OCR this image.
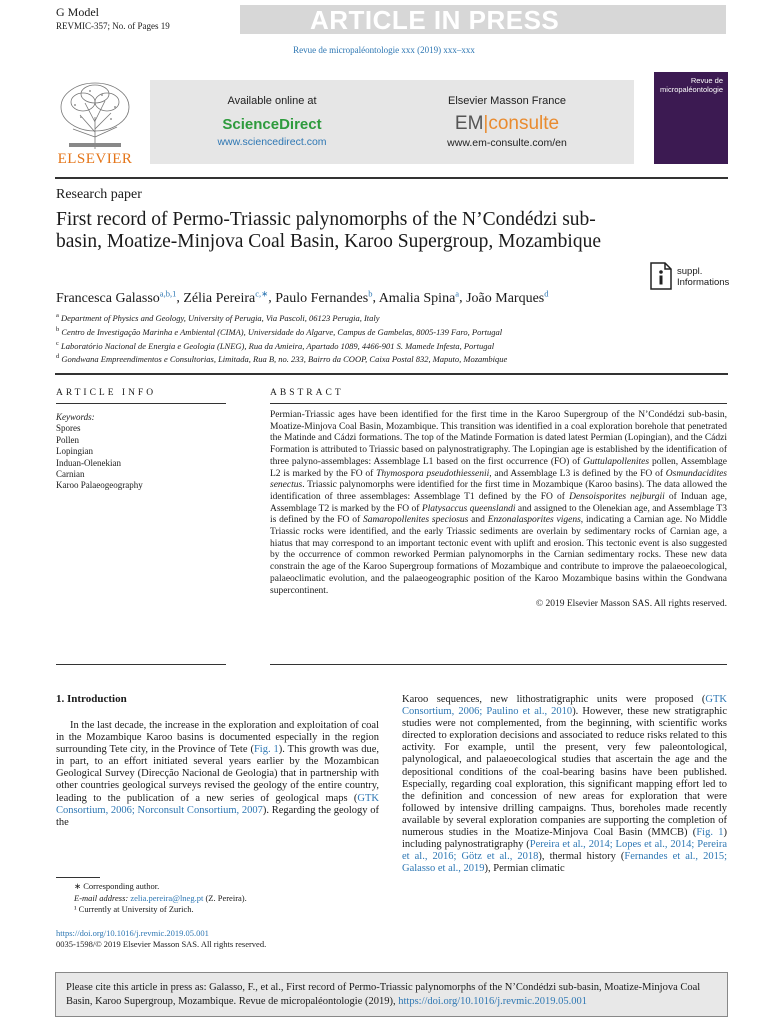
G Model
REVMIC-357; No. of Pages 19	ARTICLE IN PRESS
Revue de micropaléontologie xxx (2019) xxx–xxx
ELSEVIER
Available online at
ScienceDirect
www.sciencedirect.com
Elsevier Masson France
EM|consulte
www.em-consulte.com/en
Revue de
micropaléontologie
Research paper
First record of Permo-Triassic palynomorphs of the N’Condédzi sub-basin, Moatize-Minjova Coal Basin, Karoo Supergroup, Mozambique
suppl.
Informations
Francesca Galasso$^{a,b,1}$, Zélia Pereira$^{c,∗}$, Paulo Fernandes$^b$, Amalia Spina$^a$, João Marques$^d$
$^a$ Department of Physics and Geology, University of Perugia, Via Pascoli, 06123 Perugia, Italy
$^b$ Centro de Investigação Marinha e Ambiental (CIMA), Universidade do Algarve, Campus de Gambelas, 8005-139 Faro, Portugal
$^c$ Laboratório Nacional de Energia e Geologia (LNEG), Rua da Amieira, Apartado 1089, 4466-901 S. Mamede Infesta, Portugal
$^d$ Gondwana Empreendimentos e Consultorias, Limitada, Rua B, no. 233, Bairro da COOP, Caixa Postal 832, Maputo, Mozambique
ARTICLE INFO
Keywords:
Spores
Pollen
Lopingian
Induan-Olenekian
Carnian
Karoo Palaeogeography
ABSTRACT
Permian-Triassic ages have been identified for the first time in the Karoo Supergroup of the N’Condédzi sub-basin, Moatize-Minjova Coal Basin, Mozambique. This transition was identified in a coal exploration borehole that penetrated the Matinde and Cádzi formations. The top of the Matinde Formation is dated latest Permian (Lopingian), and the Cádzi Formation is attributed to Triassic based on palynostratigraphy. The Lopingian age is established by the identification of three palyno-assemblages: Assemblage L1 based on the first occurrence (FO) of Guttulapollenites pollen, Assemblage L2 is marked by the FO of Thymospora pseudothiessenii, and Assemblage L3 is defined by the FO of Osmundacidites senectus. Triassic palynomorphs were identified for the first time in Mozambique (Karoo basins). The data allowed the identification of three assemblages: Assemblage T1 defined by the FO of Densoisporites nejburgii of Induan age, Assemblage T2 is marked by the FO of Platysaccus queenslandi and assigned to the Olenekian age, and Assemblage T3 is defined by the FO of Samaropollenites speciosus and Enzonalasporites vigens, indicating a Carnian age. No Middle Triassic rocks were identified, and the early Triassic sediments are overlain by sedimentary rocks of Carnian age, a hiatus that may correspond to an important tectonic event with uplift and erosion. This tectonic event is also suggested by the occurrence of common reworked Permian palynomorphs in the Carnian sedimentary rocks. These new data constrain the age of the Karoo Supergroup formations of Mozambique and contribute to improve the palaeoecological, palaeoclimatic evolution, and the palaeogeographic position of the Karoo Mozambique basins within the Gondwana supercontinent.
© 2019 Elsevier Masson SAS. All rights reserved.
1. Introduction
In the last decade, the increase in the exploration and exploitation of coal in the Mozambique Karoo basins is documented especially in the region surrounding Tete city, in the Province of Tete (Fig. 1). This growth was due, in part, to an effort initiated several years earlier by the Mozambican Geological Survey (Direcção Nacional de Geologia) that in partnership with other countries geological surveys revised the geology of the entire country, leading to the publication of a new series of geological maps (GTK Consortium, 2006; Norconsult Consortium, 2007). Regarding the geology of the
Karoo sequences, new lithostratigraphic units were proposed (GTK Consortium, 2006; Paulino et al., 2010). However, these new stratigraphic studies were not complemented, from the beginning, with scientific works directed to exploration decisions and associated to reduce risks related to this activity. For example, until the present, very few paleontological, palynological, and palaeoecological studies that ascertain the age and the depositional conditions of the coal-bearing basins have been published. Especially, regarding coal exploration, this significant mapping effort led to the definition and concession of new areas for exploration that were followed by intensive drilling campaigns. Thus, boreholes made recently available by several exploration companies are supporting the completion of numerous studies in the Moatize-Minjova Coal Basin (MMCB) (Fig. 1) including palynostratigraphy (Pereira et al., 2014; Lopes et al., 2014; Pereira et al., 2016; Götz et al., 2018), thermal history (Fernandes et al., 2015; Galasso et al., 2019), Permian climatic
∗ Corresponding author.
E-mail address: zelia.pereira@lneg.pt (Z. Pereira).
¹ Currently at University of Zurich.
https://doi.org/10.1016/j.revmic.2019.05.001
0035-1598/© 2019 Elsevier Masson SAS. All rights reserved.
Please cite this article in press as: Galasso, F., et al., First record of Permo-Triassic palynomorphs of the N’Condédzi sub-basin, Moatize-Minjova Coal Basin, Karoo Supergroup, Mozambique. Revue de micropaléontologie (2019), https://doi.org/10.1016/j.revmic.2019.05.001
